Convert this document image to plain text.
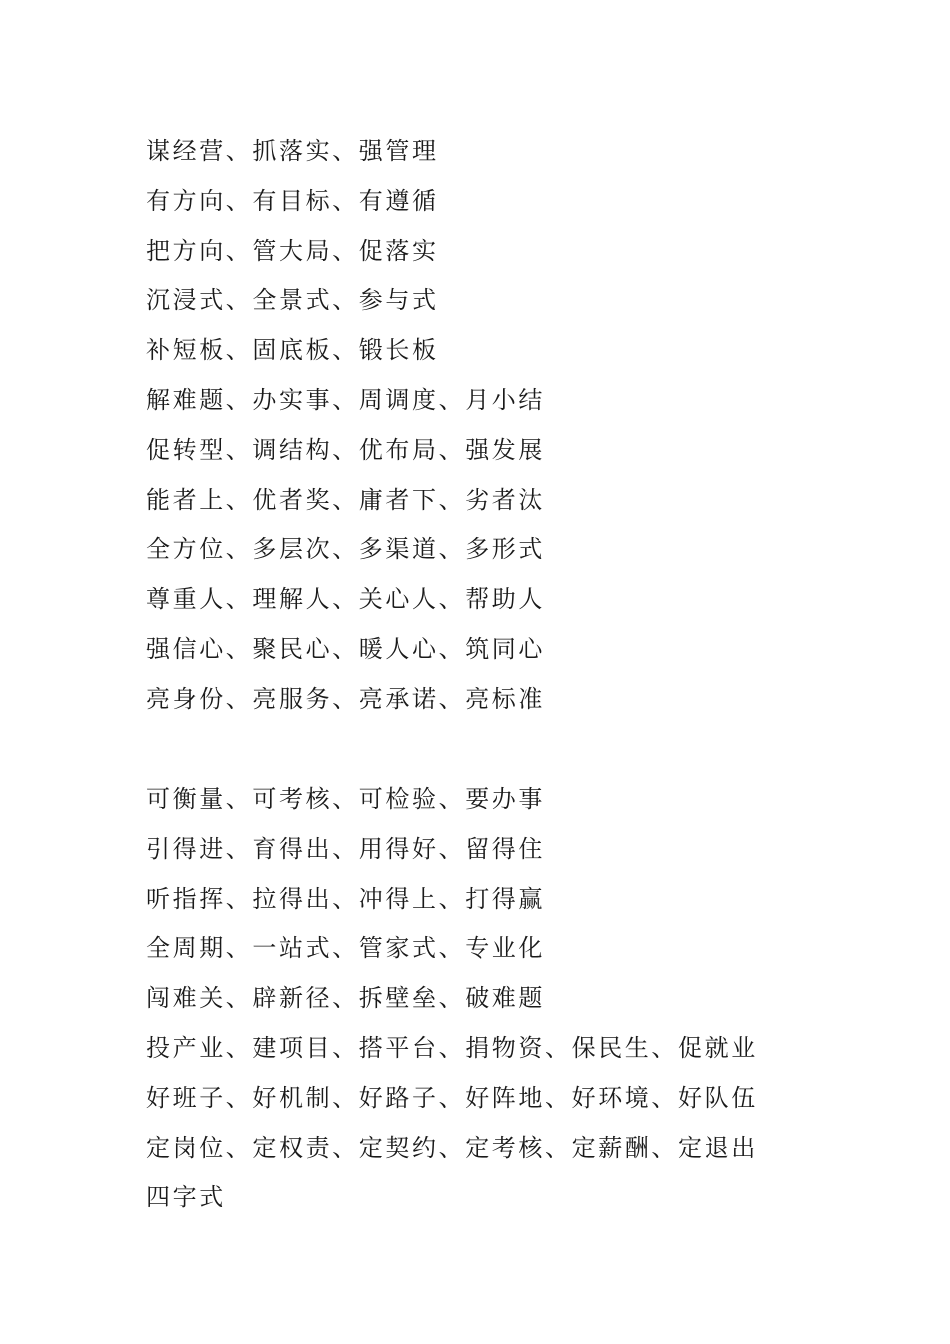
谋经营、抓落实、强管理
有方向、有目标、有遵循
把方向、管大局、促落实
沉浸式、全景式、参与式
补短板、固底板、锻长板
解难题、办实事、周调度、月小结
促转型、调结构、优布局、强发展
能者上、优者奖、庸者下、劣者汰
全方位、多层次、多渠道、多形式
尊重人、理解人、关心人、帮助人
强信心、聚民心、暖人心、筑同心
亮身份、亮服务、亮承诺、亮标准
可衡量、可考核、可检验、要办事
引得进、育得出、用得好、留得住
听指挥、拉得出、冲得上、打得赢
全周期、一站式、管家式、专业化
闯难关、辟新径、拆壁垒、破难题
投产业、建项目、搭平台、捐物资、保民生、促就业
好班子、好机制、好路子、好阵地、好环境、好队伍
定岗位、定权责、定契约、定考核、定薪酬、定退出
四字式
